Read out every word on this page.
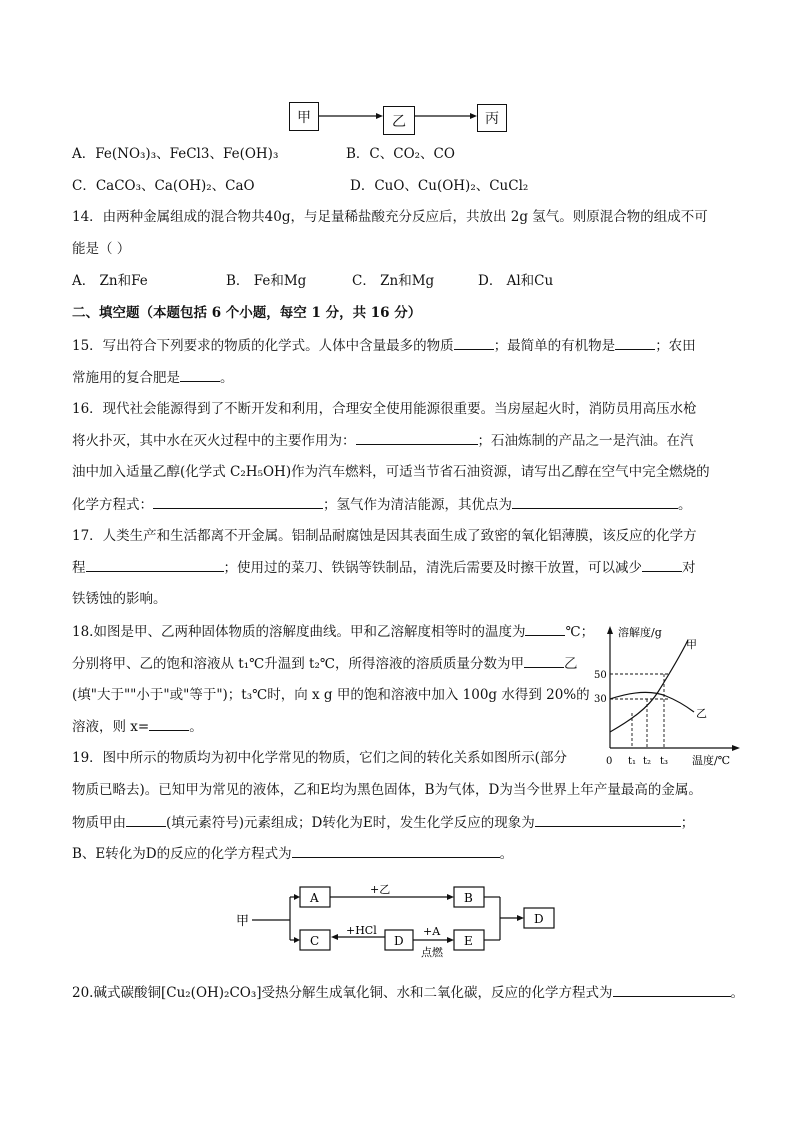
甲	乙	丙
A．Fe(NO₃)₃、FeCl3、Fe(OH)₃	B．C、CO₂、CO
C．CaCO₃、Ca(OH)₂、CaO	D．CuO、Cu(OH)₂、CuCl₂
14．由两种金属组成的混合物共40g，与足量稀盐酸充分反应后，共放出 2g 氢气。则原混合物的组成不可
能是（ ）
A． Zn和Fe	B． Fe和Mg	C． Zn和Mg	D． Al和Cu
二、填空题（本题包括 6 个小题，每空 1 分，共 16 分）
15．写出符合下列要求的物质的化学式。人体中含量最多的物质	；最简单的有机物是	；农田
常施用的复合肥是	。
16．现代社会能源得到了不断开发和利用，合理安全使用能源很重要。当房屋起火时，消防员用高压水枪
将火扑灭，其中水在灭火过程中的主要作用为：	；石油炼制的产品之一是汽油。在汽
油中加入适量乙醇(化学式 C₂H₅OH)作为汽车燃料，可适当节省石油资源，请写出乙醇在空气中完全燃烧的
化学方程式：	；氢气作为清洁能源，其优点为	。
17．人类生产和生活都离不开金属。铝制品耐腐蚀是因其表面生成了致密的氧化铝薄膜，该反应的化学方
程	；使用过的菜刀、铁锅等铁制品，清洗后需要及时擦干放置，可以减少	对
铁锈蚀的影响。
18.如图是甲、乙两种固体物质的溶解度曲线。甲和乙溶解度相等时的温度为	℃；
分别将甲、乙的饱和溶液从 t₁℃升温到 t₂℃，所得溶液的溶质质量分数为甲	乙
(填"大于""小于"或"等于")；t₃℃时，向 x g 甲的饱和溶液中加入 100g 水得到 20%的
溶液，则 x=	。
溶解度/g
温度/℃
0 t₁ t₂ t₃
50
30
甲
乙
19．图中所示的物质均为初中化学常见的物质，它们之间的转化关系如图所示(部分
物质已略去)。已知甲为常见的液体，乙和E均为黑色固体，B为气体，D为当今世界上年产量最高的金属。
物质甲由	(填元素符号)元素组成；D转化为E时，发生化学反应的现象为	；
B、E转化为D的反应的化学方程式为	。
甲
A
+乙
B
C
+HCl
D
+A
点燃
E
D
20.碱式碳酸铜[Cu₂(OH)₂CO₃]受热分解生成氧化铜、水和二氧化碳，反应的化学方程式为	。
